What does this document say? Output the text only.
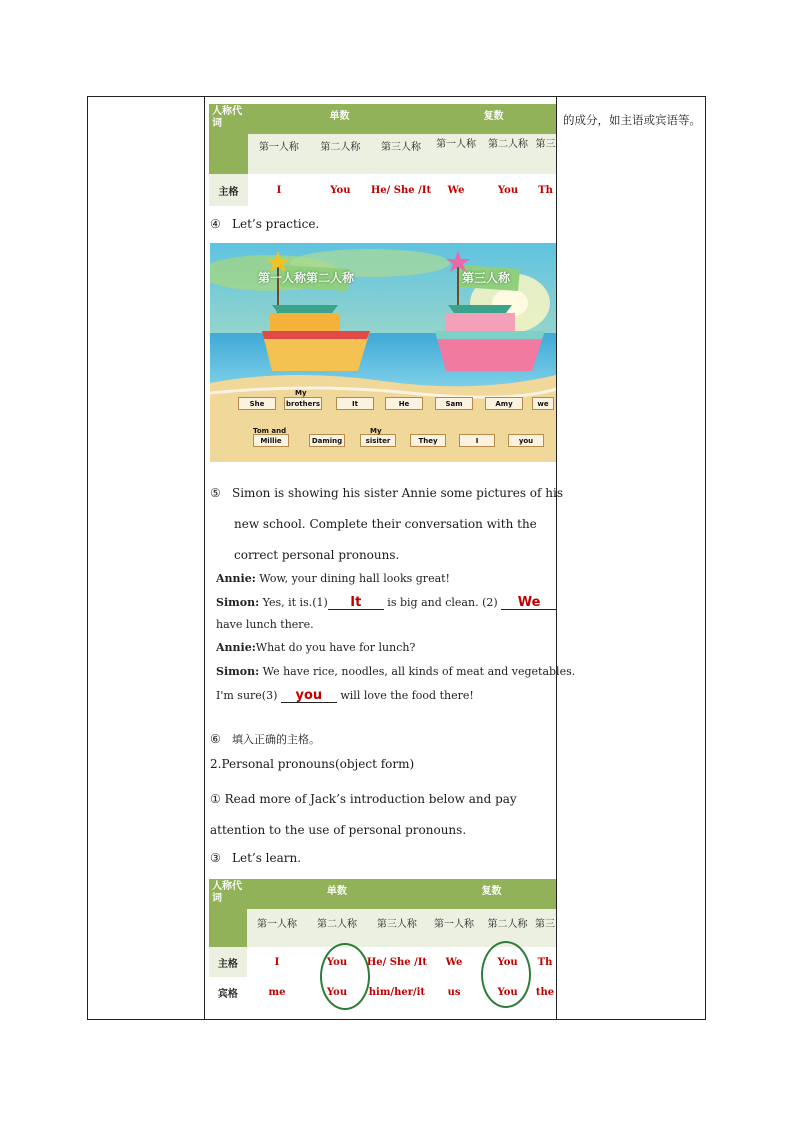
的成分，如主语或宾语等。
人称代词	单数			复数		
	第一人称	第二人称	第三人称	第一人称	第二人称	第三
主格	I	You	He/ She /It	We	You	Th
④ Let’s practice.
第一人称第二人称	第三人称
She	brothers	It	He	Sam	Amy	we
Millie	Daming	sisiter	They	I	you
My
Tom and	My
⑤ Simon is showing his sister Annie some pictures of his
new school. Complete their conversation with the
correct personal pronouns.
Annie: Wow, your dining hall looks great!
Simon: Yes, it is.(1) It is big and clean. (2) We
have lunch there.
Annie:What do you have for lunch?
Simon: We have rice, noodles, all kinds of meat and vegetables.
I'm sure(3) you will love the food there!
⑥ 填入正确的主格。
2.Personal pronouns(object form)
① Read more of Jack’s introduction below and pay
attention to the use of personal pronouns.
③ Let’s learn.
人称代词	单数			复数		
	第一人称	第二人称	第三人称	第一人称	第二人称	第三
主格	I	You	He/ She /It	We	You	Th
宾格	me	You	him/her/it	us	You	the
